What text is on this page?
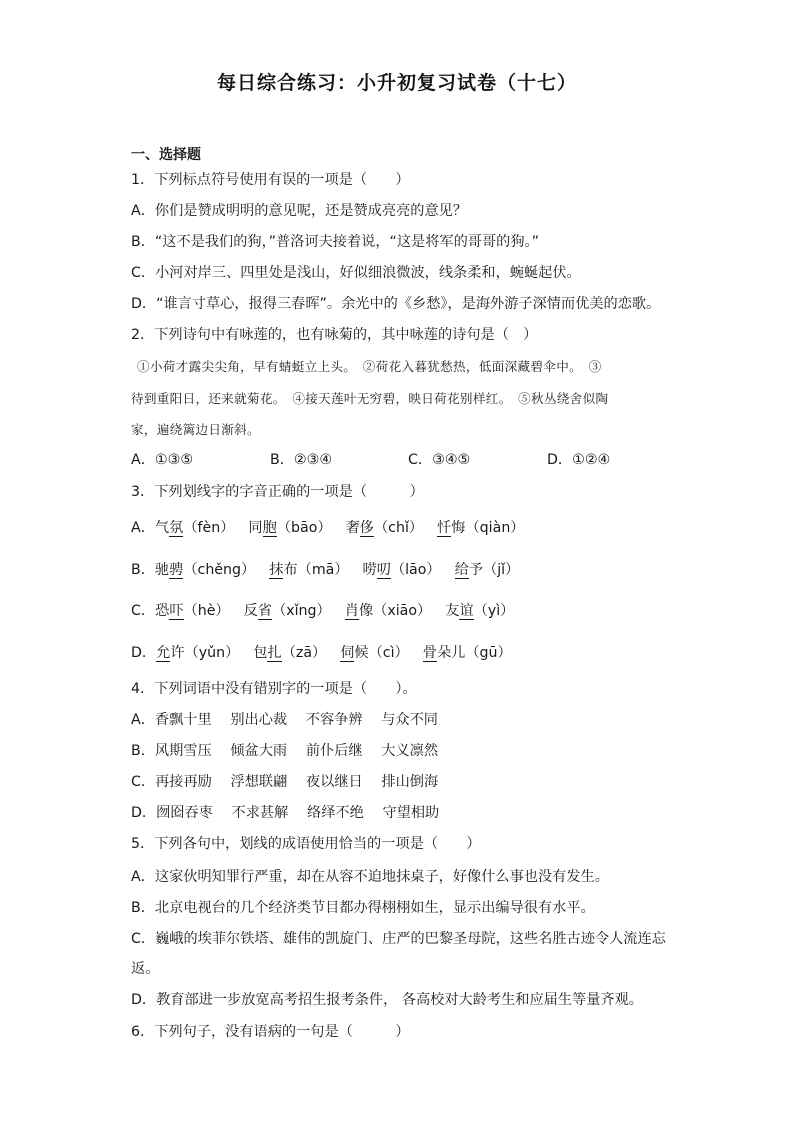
每日综合练习：小升初复习试卷（十七）
一、选择题
1．下列标点符号使用有误的一项是（　　）
A．你们是赞成明明的意见呢，还是赞成亮亮的意见？
B．“这不是我们的狗，”普洛诃夫接着说，“这是将军的哥哥的狗。”
C．小河对岸三、四里处是浅山，好似细浪微波，线条柔和，蜿蜒起伏。
D．“谁言寸草心，报得三春晖”。余光中的《乡愁》，是海外游子深情而优美的恋歌。
2．下列诗句中有咏莲的，也有咏菊的，其中咏莲的诗句是（　）
①小荷才露尖尖角，早有蜻蜓立上头。　②荷花入暮犹愁热，低面深藏碧伞中。　③
待到重阳日，还来就菊花。　④接天莲叶无穷碧，映日荷花别样红。　⑤秋丛绕舍似陶
家，遍绕篱边日渐斜。
A．①③⑤	B．②③④	C．③④⑤	D．①②④
3．下列划线字的字音正确的一项是（　　　）
A．气氛（fèn） 同胞（bāo） 奢侈（chǐ） 忏悔（qiàn）
B．驰骋（chěng） 抹布（mā） 唠叨（lāo） 给予（jǐ）
C．恐吓（hè） 反省（xǐng） 肖像（xiāo） 友谊（yì）
D．允许（yǔn） 包扎（zā） 伺候（cì） 骨朵儿（gū）
4．下列词语中没有错别字的一项是（　　）。
A．香飘十里　 别出心裁　 不容争辨　 与众不同
B．风期雪压　 倾盆大雨　 前仆后继　 大义凛然
C．再接再励　 浮想联翩　 夜以继日　 排山倒海
D．囫囵吞枣　 不求甚解　 络绎不绝　 守望相助
5．下列各句中，划线的成语使用恰当的一项是（　　）
A．这家伙明知罪行严重，却在从容不迫地抹桌子，好像什么事也没有发生。
B．北京电视台的几个经济类节目都办得栩栩如生，显示出编导很有水平。
C．巍峨的埃菲尔铁塔、雄伟的凯旋门、庄严的巴黎圣母院，这些名胜古迹令人流连忘
返。
D．教育部进一步放宽高考招生报考条件， 各高校对大龄考生和应届生等量齐观。
6．下列句子，没有语病的一句是（　　　）
